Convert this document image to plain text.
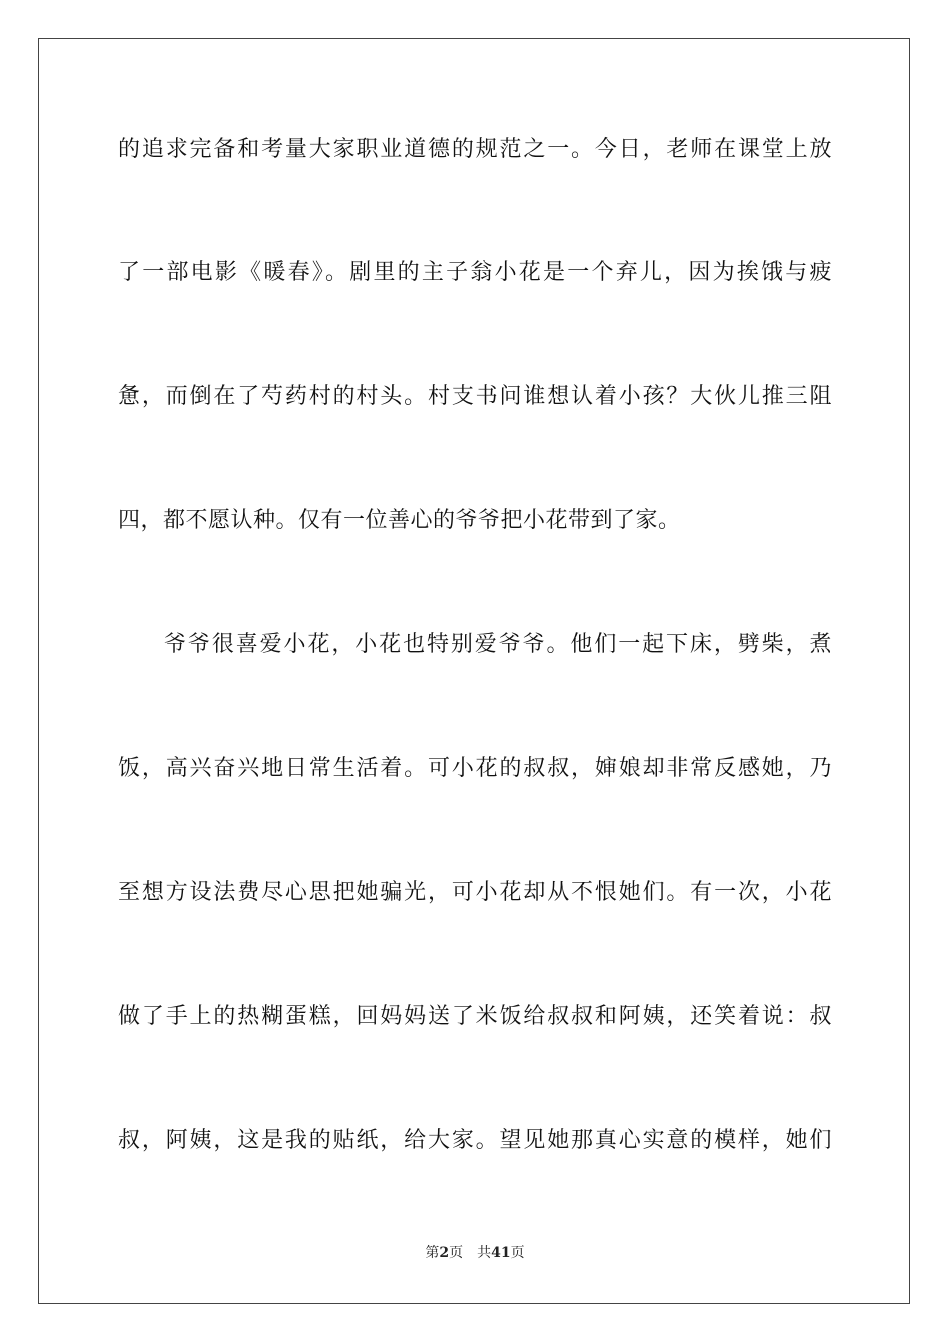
的追求完备和考量大家职业道德的规范之一。今日，老师在课堂上放
了一部电影《暖春》。剧里的主子翁小花是一个弃儿，因为挨饿与疲
惫，而倒在了芍药村的村头。村支书问谁想认着小孩？大伙儿推三阻
四，都不愿认种。仅有一位善心的爷爷把小花带到了家。
爷爷很喜爱小花，小花也特别爱爷爷。他们一起下床，劈柴，煮
饭，高兴奋兴地日常生活着。可小花的叔叔，婶娘却非常反感她，乃
至想方设法费尽心思把她骗光，可小花却从不恨她们。有一次，小花
做了手上的热糊蛋糕，回妈妈送了米饭给叔叔和阿姨，还笑着说：叔
叔，阿姨，这是我的贴纸，给大家。望见她那真心实意的模样，她们
第2页 共41页
